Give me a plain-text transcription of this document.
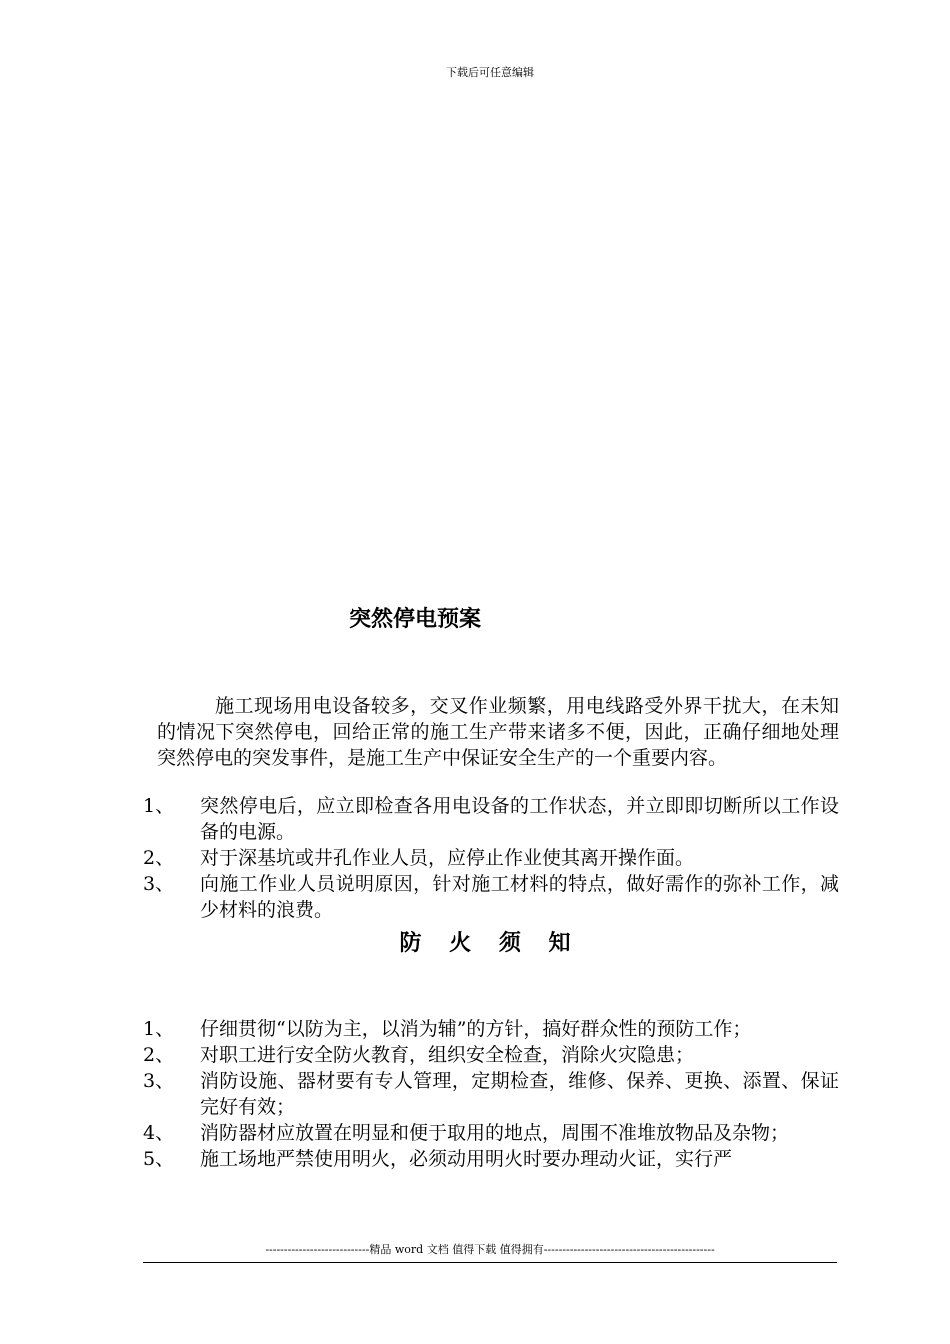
下载后可任意编辑
突然停电预案

施工现场用电设备较多，交叉作业频繁，用电线路受外界干扰大，在未知的情况下突然停电，回给正常的施工生产带来诸多不便，因此，正确仔细地处理突然停电的突发事件，是施工生产中保证安全生产的一个重要内容。

1、	突然停电后，应立即检查各用电设备的工作状态，并立即即切断所以工作设备的电源。
2、	对于深基坑或井孔作业人员，应停止作业使其离开操作面。
3、	向施工作业人员说明原因，针对施工材料的特点，做好需作的弥补工作，减少材料的浪费。
防 火 须 知
1、	仔细贯彻“以防为主，以消为辅”的方针，搞好群众性的预防工作；
2、	对职工进行安全防火教育，组织安全检查，消除火灾隐患；
3、	消防设施、器材要有专人管理，定期检查，维修、保养、更换、添置、保证完好有效；
4、	消防器材应放置在明显和便于取用的地点，周围不准堆放物品及杂物；
5、	施工场地严禁使用明火，必须动用明火时要办理动火证，实行严
----------------------------精品 word 文档 值得下载 值得拥有----------------------------------------------
